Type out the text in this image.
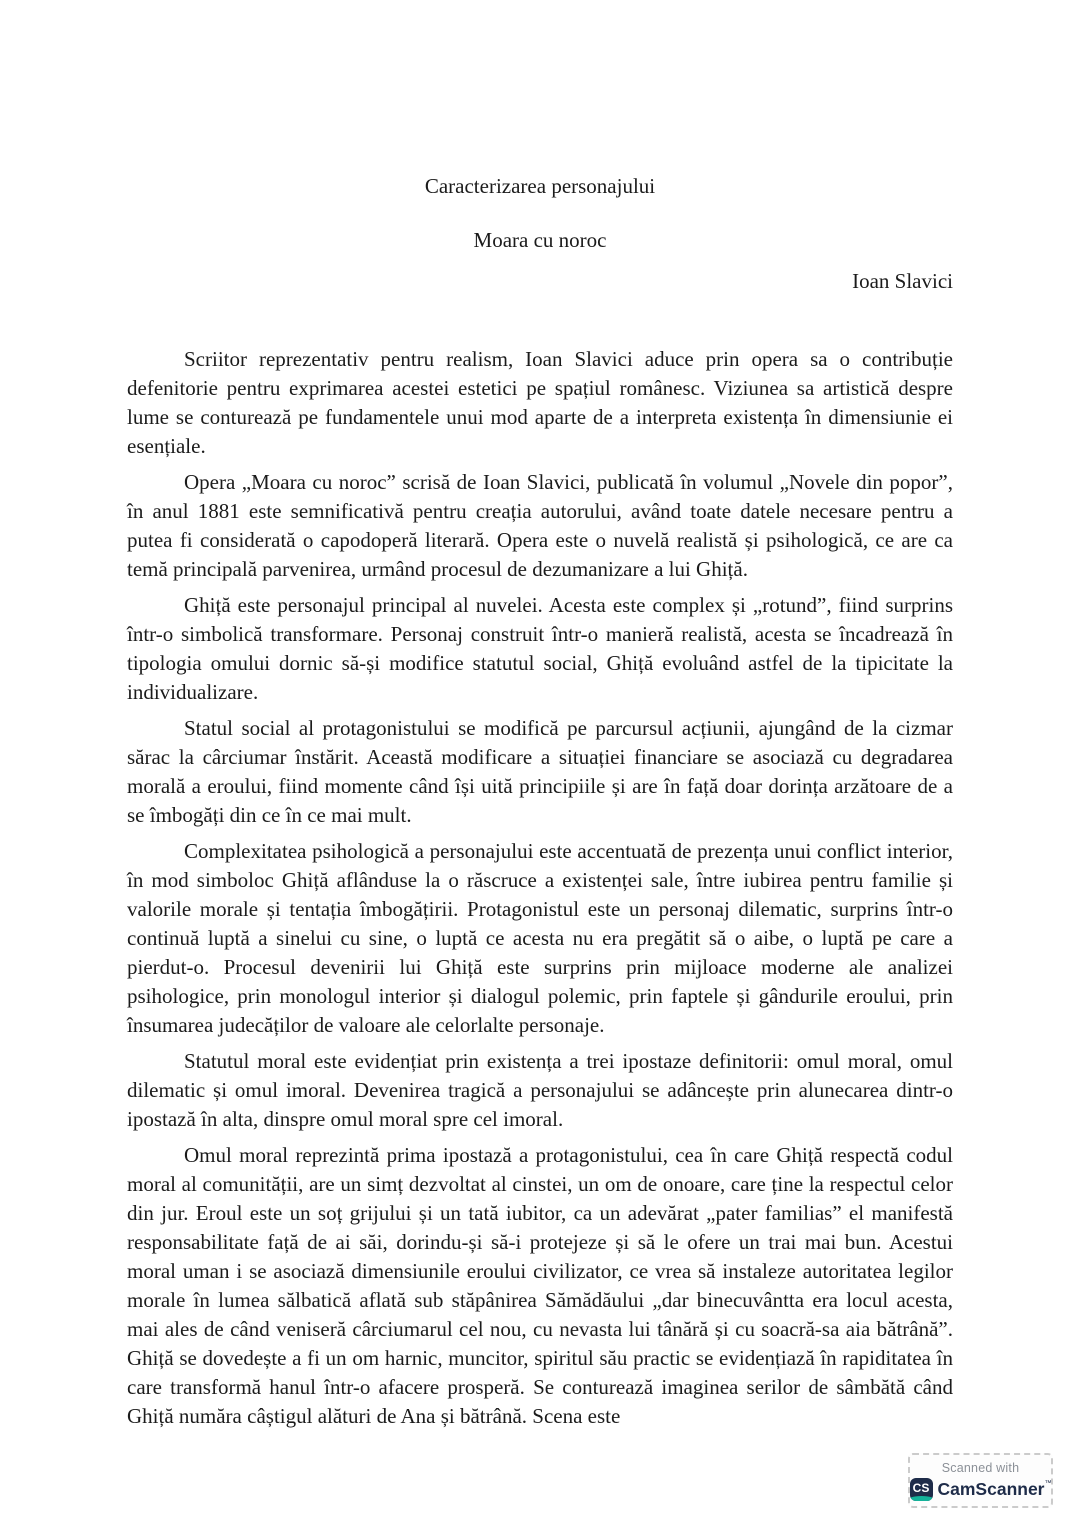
Caracterizarea personajului
Moara cu noroc
Ioan Slavici

Scriitor reprezentativ pentru realism, Ioan Slavici aduce prin opera sa o contribuție defenitorie pentru exprimarea acestei estetici pe spațiul românesc. Viziunea sa artistică despre lume se conturează pe fundamentele unui mod aparte de a interpreta existența în dimensiunie ei esențiale.

Opera „Moara cu noroc” scrisă de Ioan Slavici, publicată în volumul „Novele din popor”, în anul 1881 este semnificativă pentru creația autorului, având toate datele necesare pentru a putea fi considerată o capodoperă literară. Opera este o nuvelă realistă și psihologică, ce are ca temă principală parvenirea, urmând procesul de dezumanizare a lui Ghiță.

Ghiță este personajul principal al nuvelei. Acesta este complex și „rotund”, fiind surprins într-o simbolică transformare. Personaj construit într-o manieră realistă, acesta se încadrează în tipologia omului dornic să-și modifice statutul social, Ghiță evoluând astfel de la tipicitate la individualizare.

Statul social al protagonistului se modifică pe parcursul acțiunii, ajungând de la cizmar sărac la cârciumar înstărit. Această modificare a situației financiare se asociază cu degradarea morală a eroului, fiind momente când își uită principiile și are în față doar dorința arzătoare de a se îmbogăți din ce în ce mai mult.

Complexitatea psihologică a personajului este accentuată de prezența unui conflict interior, în mod simboloc Ghiță aflânduse la o răscruce a existenței sale, între iubirea pentru familie și valorile morale și tentația îmbogățirii. Protagonistul este un personaj dilematic, surprins într-o continuă luptă a sinelui cu sine, o luptă ce acesta nu era pregătit să o aibe, o luptă pe care a pierdut-o. Procesul devenirii lui Ghiță este surprins prin mijloace moderne ale analizei psihologice, prin monologul interior și dialogul polemic, prin faptele și gândurile eroului, prin însumarea judecăților de valoare ale celorlalte personaje.

Statutul moral este evidențiat prin existența a trei ipostaze definitorii: omul moral, omul dilematic și omul imoral. Devenirea tragică a personajului se adâncește prin alunecarea dintr-o ipostază în alta, dinspre omul moral spre cel imoral.

Omul moral reprezintă prima ipostază a protagonistului, cea în care Ghiță respectă codul moral al comunității, are un simț dezvoltat al cinstei, un om de onoare, care ține la respectul celor din jur. Eroul este un soț grijului și un tată iubitor, ca un adevărat „pater familias” el manifestă responsabilitate față de ai săi, dorindu-și să-i protejeze și să le ofere un trai mai bun. Acestui moral uman i se asociază dimensiunile eroului civilizator, ce vrea să instaleze autoritatea legilor morale în lumea sălbatică aflată sub stăpânirea Sămădăului „dar binecuvântta era locul acesta, mai ales de când veniseră cârciumarul cel nou, cu nevasta lui tânără și cu soacră-sa aia bătrână”. Ghiță se dovedește a fi un om harnic, muncitor, spiritul său practic se evidențiază în rapiditatea în care transformă hanul într-o afacere prosperă. Se conturează imaginea serilor de sâmbătă când Ghiță număra câștigul alături de Ana și bătrână. Scena este

Scanned with
CS CamScanner™
